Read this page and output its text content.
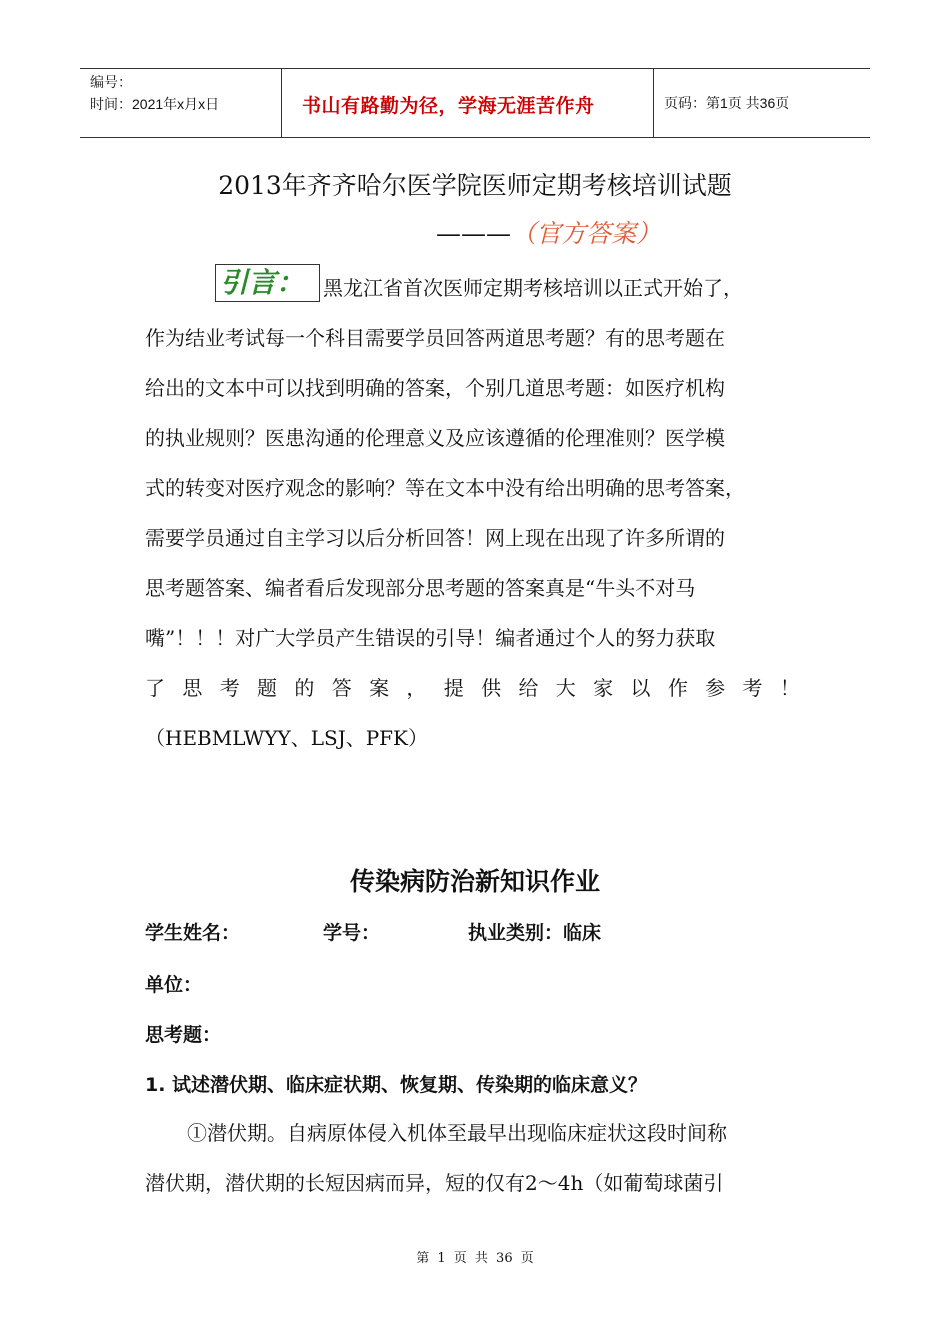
编号：
时间：2021年x月x日	书山有路勤为径，学海无涯苦作舟	页码：第1页 共36页
2013年齐齐哈尔医学院医师定期考核培训试题
———（官方答案）
引言： 黑龙江省首次医师定期考核培训以正式开始了，
作为结业考试每一个科目需要学员回答两道思考题？有的思考题在
给出的文本中可以找到明确的答案，个别几道思考题：如医疗机构
的执业规则？医患沟通的伦理意义及应该遵循的伦理准则？医学模
式的转变对医疗观念的影响？等在文本中没有给出明确的思考答案，
需要学员通过自主学习以后分析回答！网上现在出现了许多所谓的
思考题答案、编者看后发现部分思考题的答案真是“牛头不对马
嘴”！！！对广大学员产生错误的引导！编者通过个人的努力获取
了 思 考 题 的 答 案 ， 提 供 给 大 家 以 作 参 考 ！
（HEBMLWYY、LSJ、PFK）
传染病防治新知识作业
学生姓名：	学号：	执业类别：临床
单位：
思考题：
1. 试述潜伏期、临床症状期、恢复期、传染期的临床意义？
①潜伏期。自病原体侵入机体至最早出现临床症状这段时间称
潜伏期，潜伏期的长短因病而异，短的仅有2～4h（如葡萄球菌引
第 1 页 共 36 页
